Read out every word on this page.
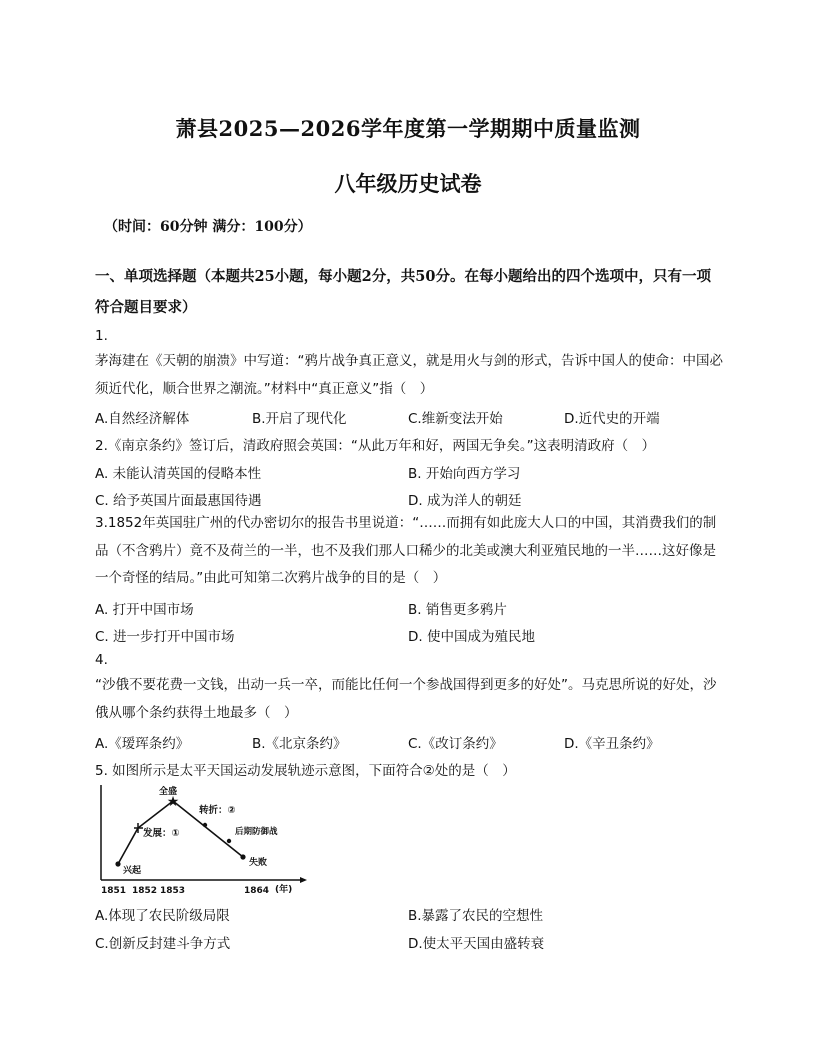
萧县2025—2026学年度第一学期期中质量监测
八年级历史试卷
（时间：60分钟 满分：100分）
一、单项选择题（本题共25小题，每小题2分，共50分。在每小题给出的四个选项中，只有一项符合题目要求）
1.
茅海建在《天朝的崩溃》中写道：“鸦片战争真正意义，就是用火与剑的形式，告诉中国人的使命：中国必须近代化，顺合世界之潮流。”材料中“真正意义”指（　）
A.自然经济解体	B.开启了现代化	C.维新变法开始	D.近代史的开端
2.《南京条约》签订后，清政府照会英国：“从此万年和好，两国无争矣。”这表明清政府（　）
A. 未能认清英国的侵略本性	B. 开始向西方学习
C. 给予英国片面最惠国待遇	D. 成为洋人的朝廷
3.1852年英国驻广州的代办密切尔的报告书里说道：“……而拥有如此庞大人口的中国，其消费我们的制品（不含鸦片）竟不及荷兰的一半，也不及我们那人口稀少的北美或澳大利亚殖民地的一半……这好像是一个奇怪的结局。”由此可知第二次鸦片战争的目的是（　）
A. 打开中国市场	B. 销售更多鸦片
C. 进一步打开中国市场	D. 使中国成为殖民地
4.
“沙俄不要花费一文钱，出动一兵一卒，而能比任何一个参战国得到更多的好处”。马克思所说的好处，沙俄从哪个条约获得土地最多（　）
A.《瑷珲条约》	B.《北京条约》	C.《改订条约》	D.《辛丑条约》
5. 如图所示是太平天国运动发展轨迹示意图，下面符合②处的是（　）
★
兴起
发展：①
全盛
转折：②
后期防御战
失败
1851 1852 1853	1864 (年)
A.体现了农民阶级局限	B.暴露了农民的空想性
C.创新反封建斗争方式	D.使太平天国由盛转衰
